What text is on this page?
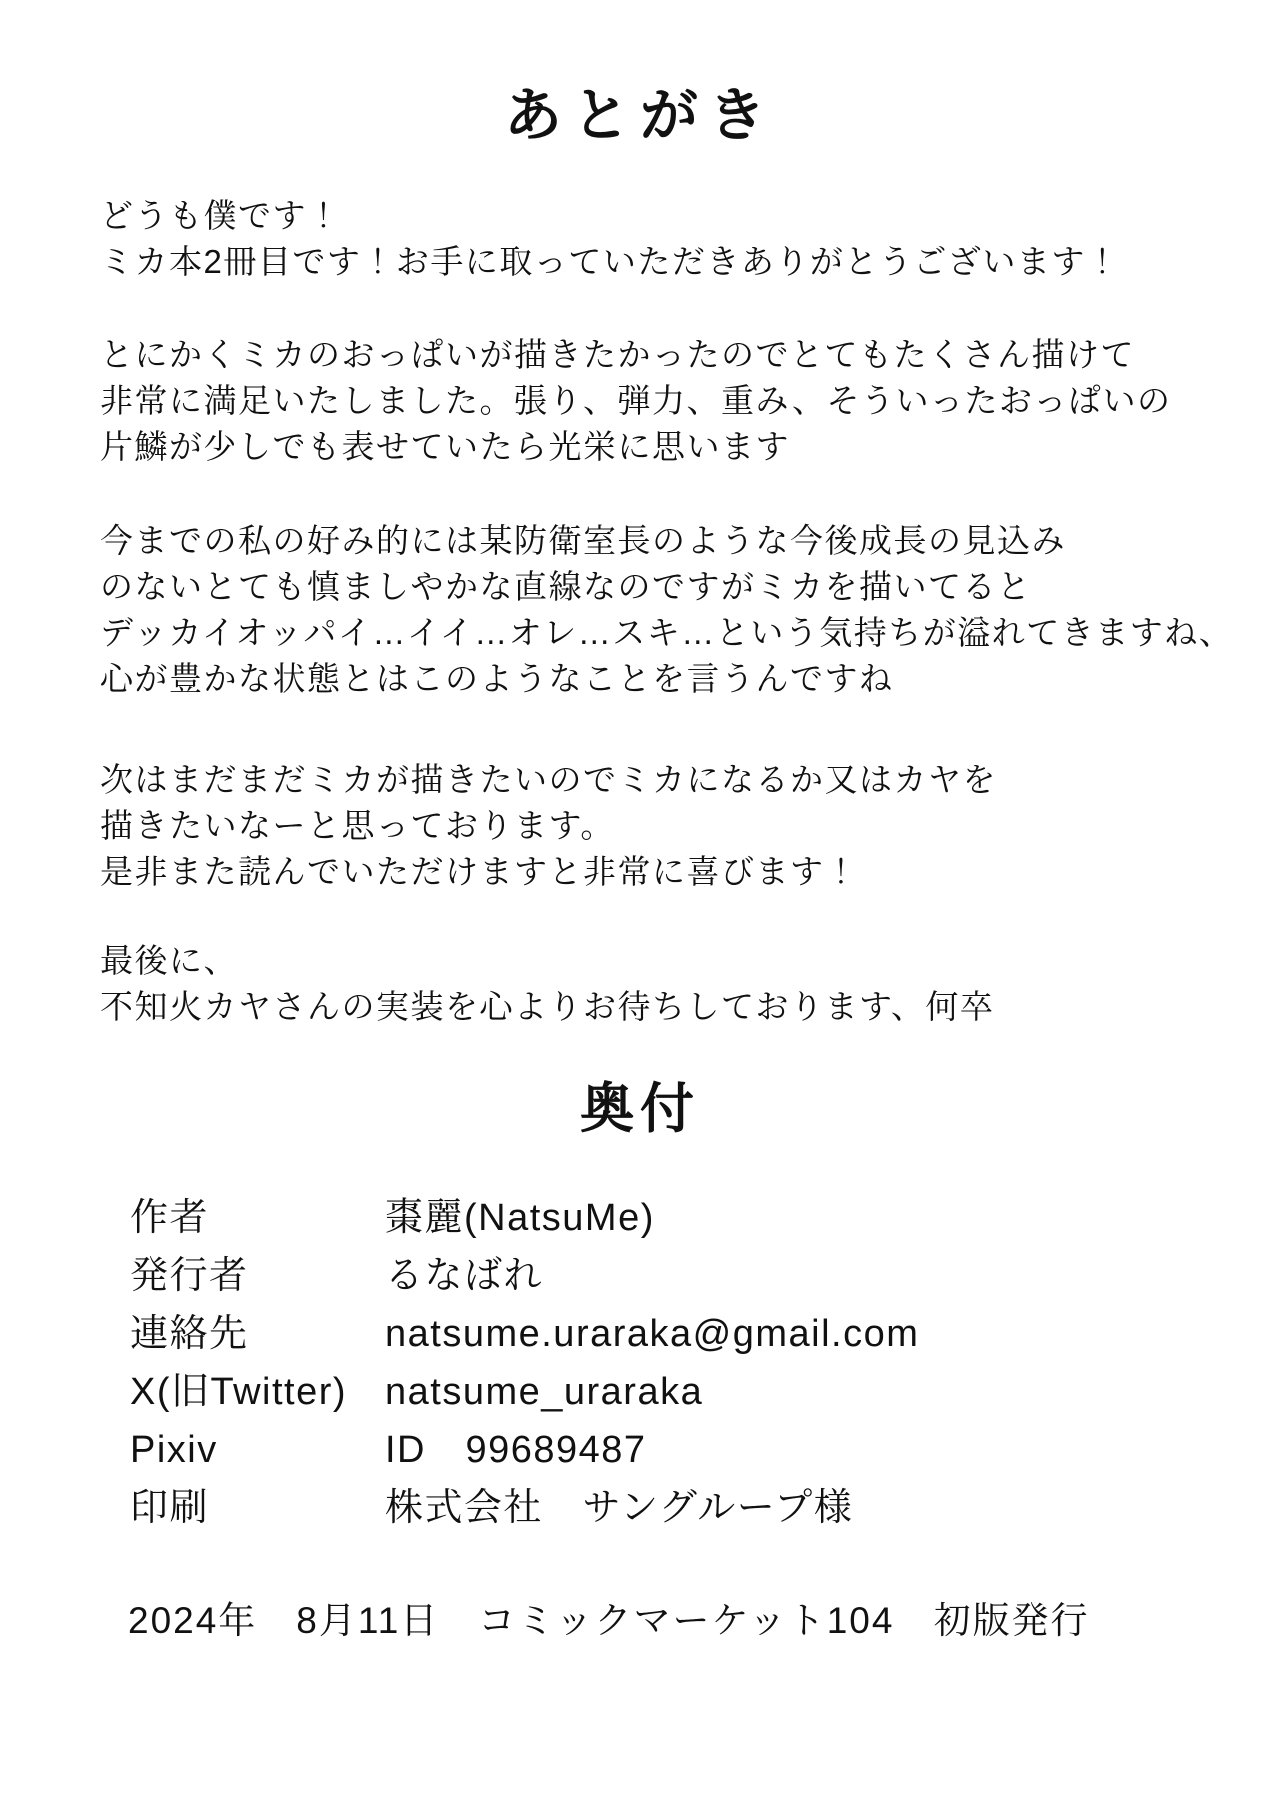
あとがき

どうも僕です！
ミカ本2冊目です！お手に取っていただきありがとうございます！

とにかくミカのおっぱいが描きたかったのでとてもたくさん描けて
非常に満足いたしました。張り、弾力、重み、そういったおっぱいの
片鱗が少しでも表せていたら光栄に思います

今までの私の好み的には某防衛室長のような今後成長の見込み
のないとても慎ましやかな直線なのですがミカを描いてると
デッカイオッパイ…イイ…オレ…スキ…という気持ちが溢れてきますね、
心が豊かな状態とはこのようなことを言うんですね

次はまだまだミカが描きたいのでミカになるか又はカヤを
描きたいなーと思っております。
是非また読んでいただけますと非常に喜びます！

最後に、
不知火カヤさんの実装を心よりお待ちしております、何卒

奥付
作者	棗麗(NatsuMe)
発行者	るなばれ
連絡先	natsume.uraraka@gmail.com
X(旧Twitter) natsume_uraraka
Pixiv	ID　99689487
印刷	株式会社　サングループ様
2024年　8月11日　コミックマーケット104　初版発行
